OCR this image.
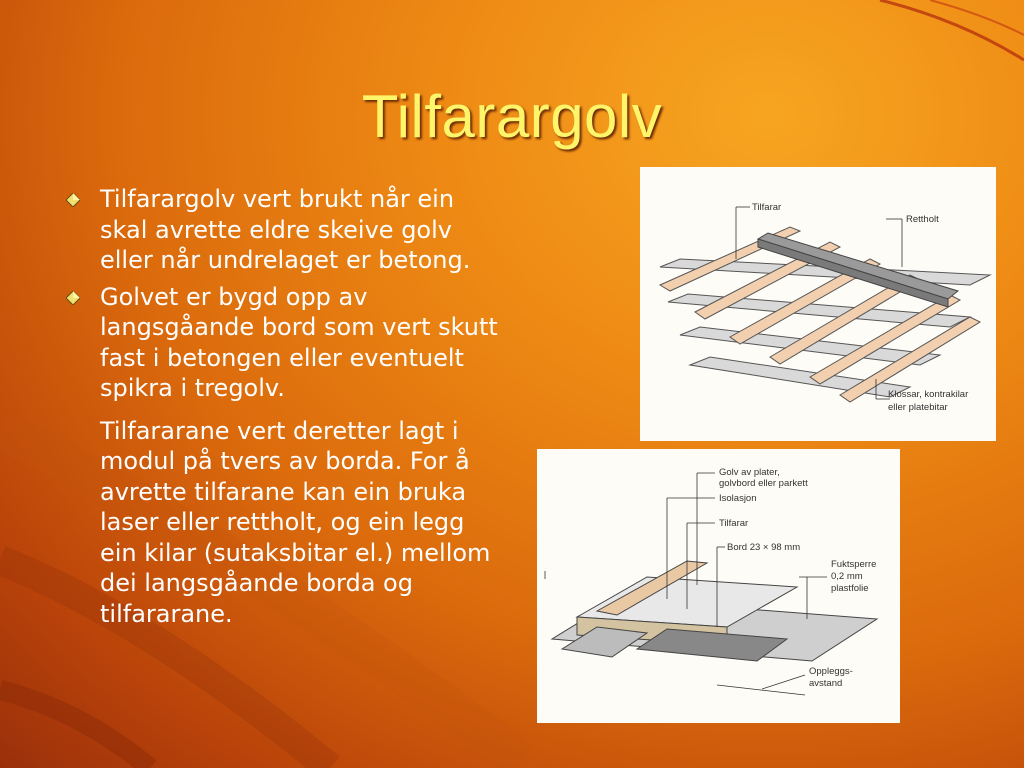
Tilfarargolv
Tilfarargolv vert brukt når ein skal avrette eldre skeive golv eller når undrelaget er betong.
Golvet er bygd opp av langsgåande bord som vert skutt fast i betongen eller eventuelt spikra i tregolv.
Tilfararane vert deretter lagt i modul på tvers av borda. For å avrette tilfarane kan ein bruka laser eller rettholt, og ein legg ein kilar (sutaksbitar el.) mellom dei langsgåande borda og tilfararane.
Tilfarar
Rettholt
Klossar, kontrakilar
eller platebitar
Golv av plater,
golvbord eller parkett
Isolasjon
Tilfarar
Bord 23 × 98 mm
Fuktsperre
0,2 mm
plastfolie
Oppleggs-
avstand
